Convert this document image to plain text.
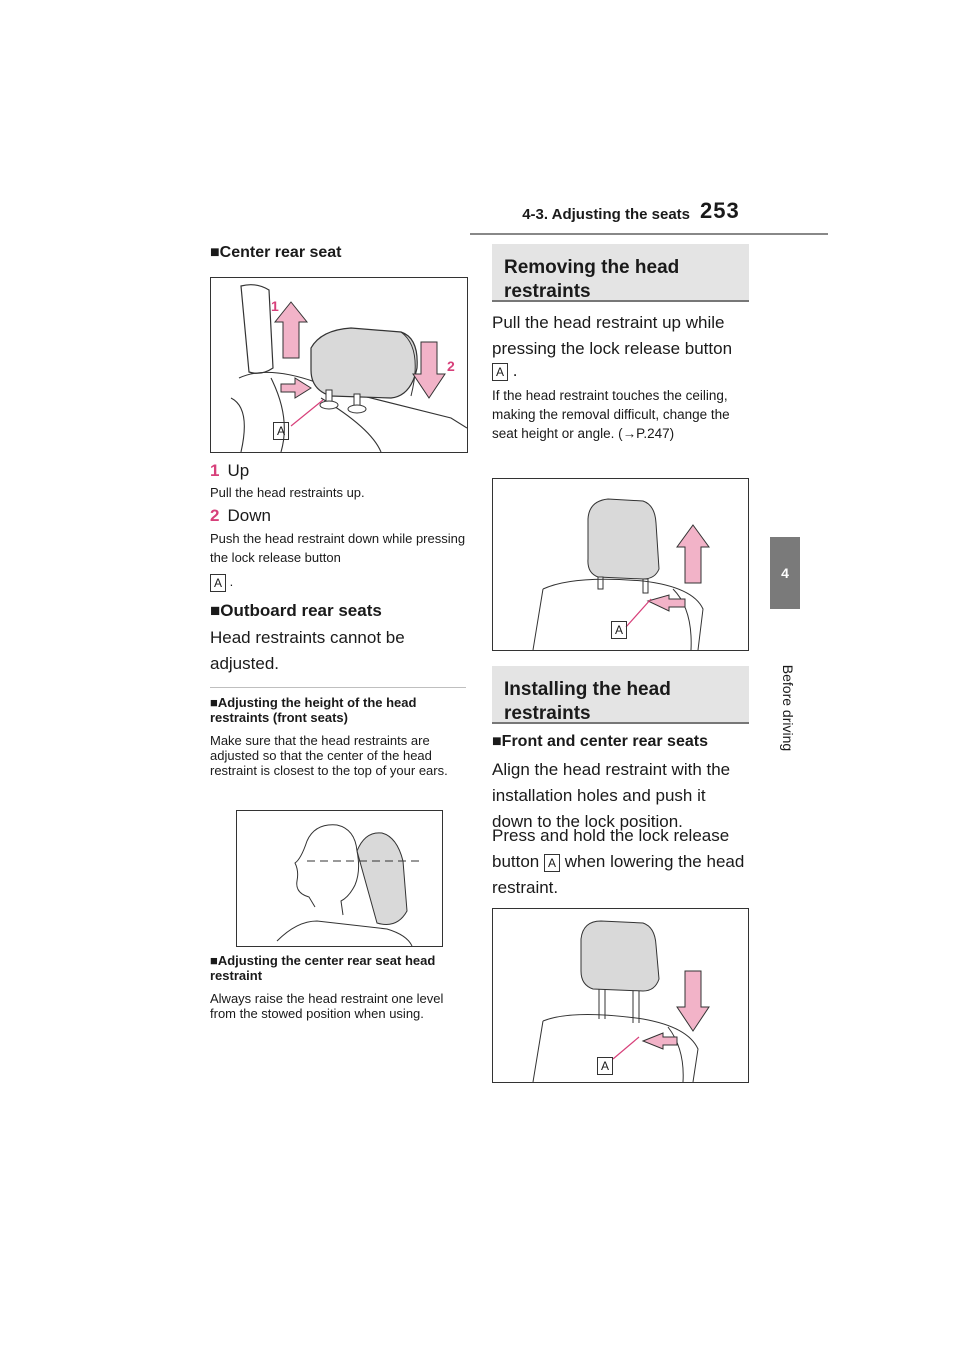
4-3. Adjusting the seats 253
4
Before driving
■Center rear seat
1
2
A
1 Up
Pull the head restraints up.
2 Down
Push the head restraint down while pressing the lock release button
A .
■Outboard rear seats
Head restraints cannot be adjusted.
■Adjusting the height of the head restraints (front seats)
Make sure that the head restraints are adjusted so that the center of the head restraint is closest to the top of your ears.
■Adjusting the center rear seat head restraint
Always raise the head restraint one level from the stowed position when using.
Removing the head restraints
Pull the head restraint up while pressing the lock release button
A .
If the head restraint touches the ceiling, making the removal difficult, change the seat height or angle. (→P.247)
A
Installing the head restraints
■Front and center rear seats
Align the head restraint with the installation holes and push it down to the lock position.
Press and hold the lock release button A when lowering the head restraint.
A
